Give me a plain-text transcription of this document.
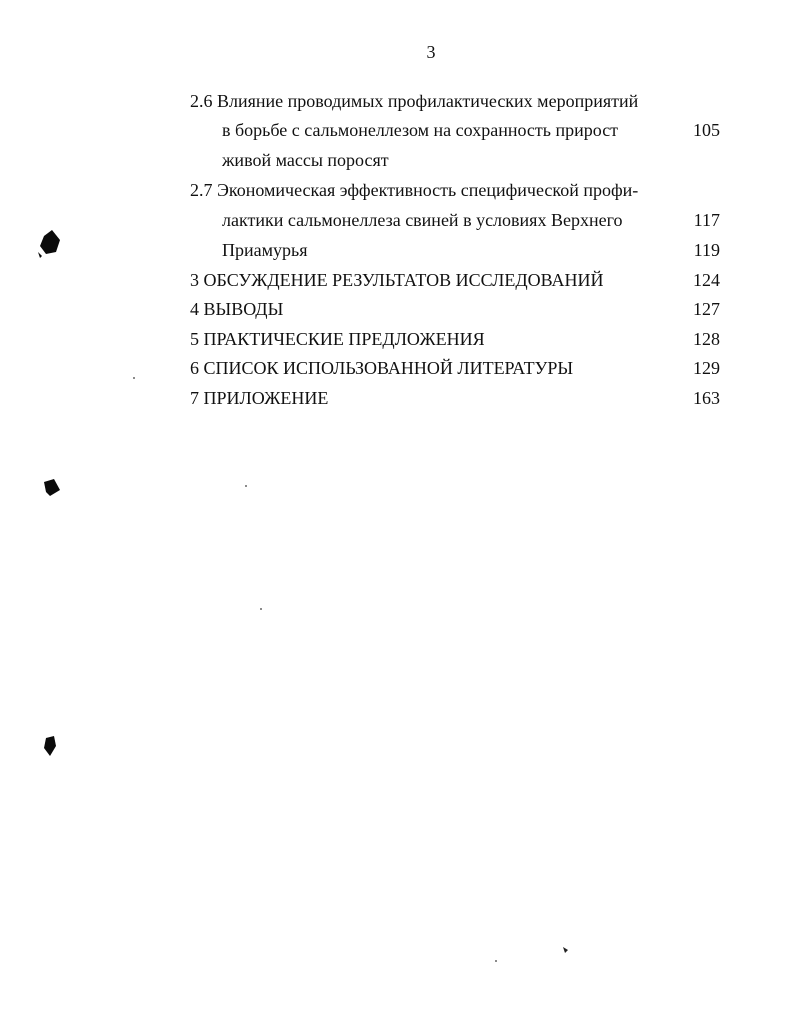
3
2.6 Влияние проводимых профилактических мероприятий
в борьбе с сальмонеллезом на сохранность прирост	105
живой массы поросят
2.7 Экономическая эффективность специфической профи-
лактики сальмонеллеза свиней в условиях Верхнего	117
Приамурья	119
3 ОБСУЖДЕНИЕ РЕЗУЛЬТАТОВ ИССЛЕДОВАНИЙ	124
4 ВЫВОДЫ	127
5 ПРАКТИЧЕСКИЕ ПРЕДЛОЖЕНИЯ	128
6 СПИСОК ИСПОЛЬЗОВАННОЙ ЛИТЕРАТУРЫ	129
7 ПРИЛОЖЕНИЕ	163
